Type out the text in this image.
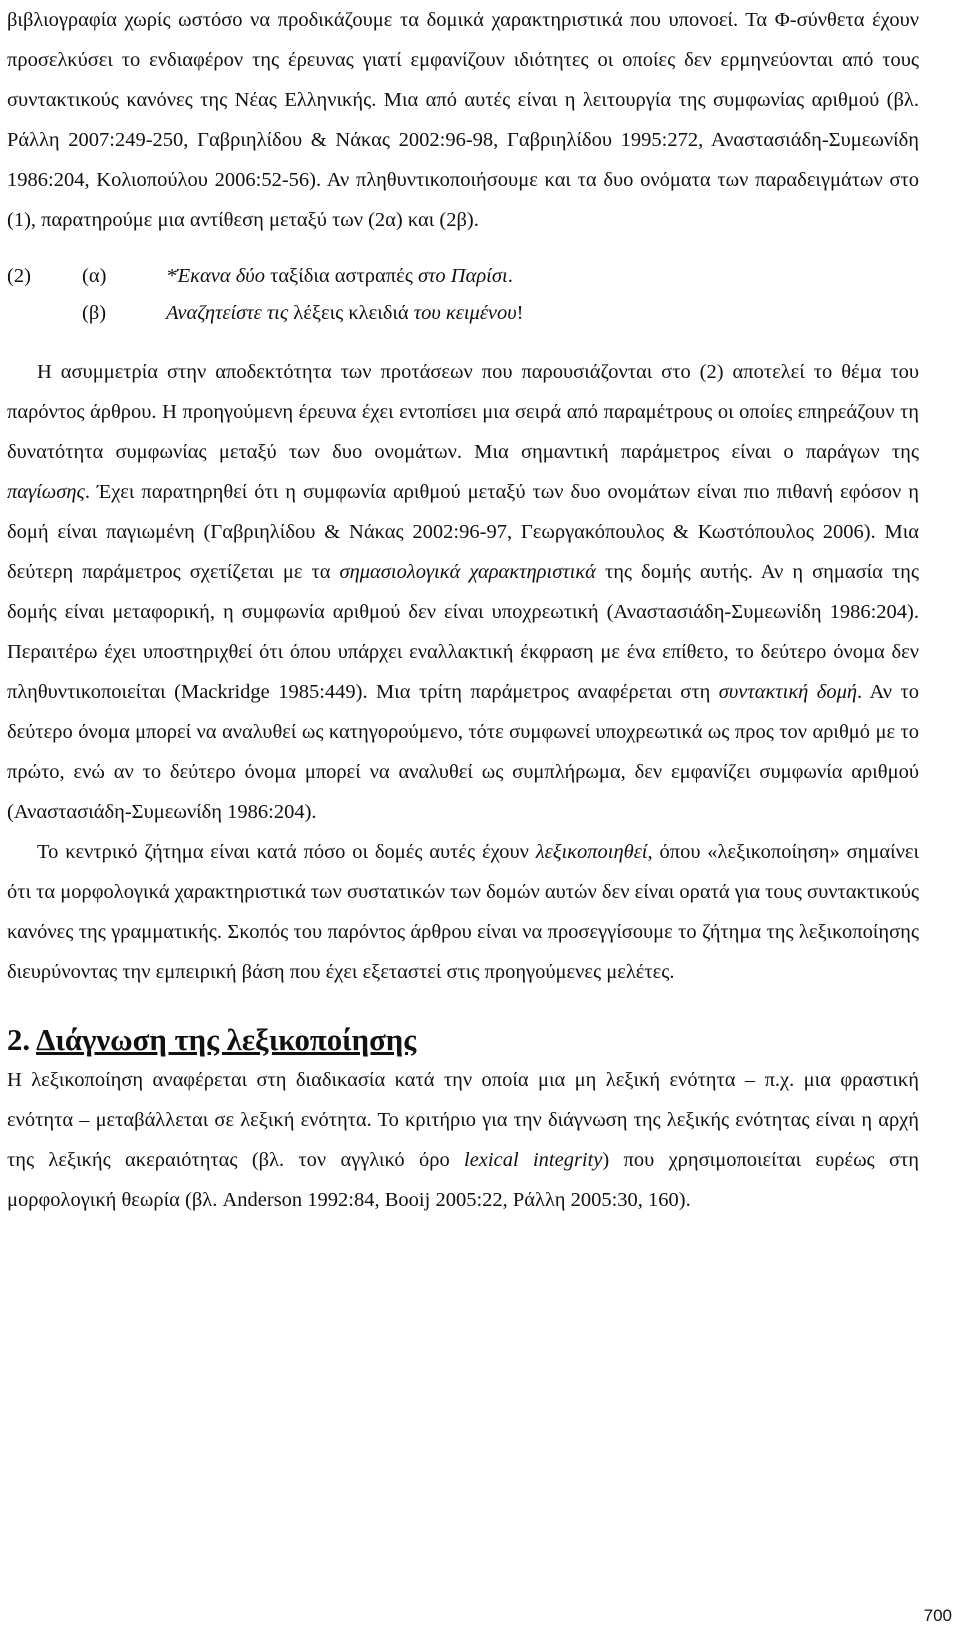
βιβλιογραφία χωρίς ωστόσο να προδικάζουμε τα δομικά χαρακτηριστικά που υπονοεί. Τα Φ-σύνθετα έχουν προσελκύσει το ενδιαφέρον της έρευνας γιατί εμφανίζουν ιδιότητες οι οποίες δεν ερμηνεύονται από τους συντακτικούς κανόνες της Νέας Ελληνικής. Μια από αυτές είναι η λειτουργία της συμφωνίας αριθμού (βλ. Ράλλη 2007:249-250, Γαβριηλίδου & Νάκας 2002:96-98, Γαβριηλίδου 1995:272, Αναστασιάδη-Συμεωνίδη 1986:204, Κολιοπούλου 2006:52-56). Αν πληθυντικοποιήσουμε και τα δυο ονόματα των παραδειγμάτων στο (1), παρατηρούμε μια αντίθεση μεταξύ των (2α) και (2β).

(2) (α)	*Έκανα δύο ταξίδια αστραπές στο Παρίσι.
(β)	Αναζητείστε τις λέξεις κλειδιά του κειμένου!

Η ασυμμετρία στην αποδεκτότητα των προτάσεων που παρουσιάζονται στο (2) αποτελεί το θέμα του παρόντος άρθρου. Η προηγούμενη έρευνα έχει εντοπίσει μια σειρά από παραμέτρους οι οποίες επηρεάζουν τη δυνατότητα συμφωνίας μεταξύ των δυο ονομάτων. Μια σημαντική παράμετρος είναι ο παράγων της παγίωσης. Έχει παρατηρηθεί ότι η συμφωνία αριθμού μεταξύ των δυο ονομάτων είναι πιο πιθανή εφόσον η δομή είναι παγιωμένη (Γαβριηλίδου & Νάκας 2002:96-97, Γεωργακόπουλος & Κωστόπουλος 2006). Μια δεύτερη παράμετρος σχετίζεται με τα σημασιολογικά χαρακτηριστικά της δομής αυτής. Αν η σημασία της δομής είναι μεταφορική, η συμφωνία αριθμού δεν είναι υποχρεωτική (Αναστασιάδη-Συμεωνίδη 1986:204). Περαιτέρω έχει υποστηριχθεί ότι όπου υπάρχει εναλλακτική έκφραση με ένα επίθετο, το δεύτερο όνομα δεν πληθυντικοποιείται (Mackridge 1985:449). Μια τρίτη παράμετρος αναφέρεται στη συντακτική δομή. Αν το δεύτερο όνομα μπορεί να αναλυθεί ως κατηγορούμενο, τότε συμφωνεί υποχρεωτικά ως προς τον αριθμό με το πρώτο, ενώ αν το δεύτερο όνομα μπορεί να αναλυθεί ως συμπλήρωμα, δεν εμφανίζει συμφωνία αριθμού (Αναστασιάδη-Συμεωνίδη 1986:204).

Το κεντρικό ζήτημα είναι κατά πόσο οι δομές αυτές έχουν λεξικοποιηθεί, όπου «λεξικοποίηση» σημαίνει ότι τα μορφολογικά χαρακτηριστικά των συστατικών των δομών αυτών δεν είναι ορατά για τους συντακτικούς κανόνες της γραμματικής. Σκοπός του παρόντος άρθρου είναι να προσεγγίσουμε το ζήτημα της λεξικοποίησης διευρύνοντας την εμπειρική βάση που έχει εξεταστεί στις προηγούμενες μελέτες.

2. Διάγνωση της λεξικοποίησης

Η λεξικοποίηση αναφέρεται στη διαδικασία κατά την οποία μια μη λεξική ενότητα – π.χ. μια φραστική ενότητα – μεταβάλλεται σε λεξική ενότητα. Το κριτήριο για την διάγνωση της λεξικής ενότητας είναι η αρχή της λεξικής ακεραιότητας (βλ. τον αγγλικό όρο lexical integrity) που χρησιμοποιείται ευρέως στη μορφολογική θεωρία (βλ. Anderson 1992:84, Booij 2005:22, Ράλλη 2005:30, 160).

700
